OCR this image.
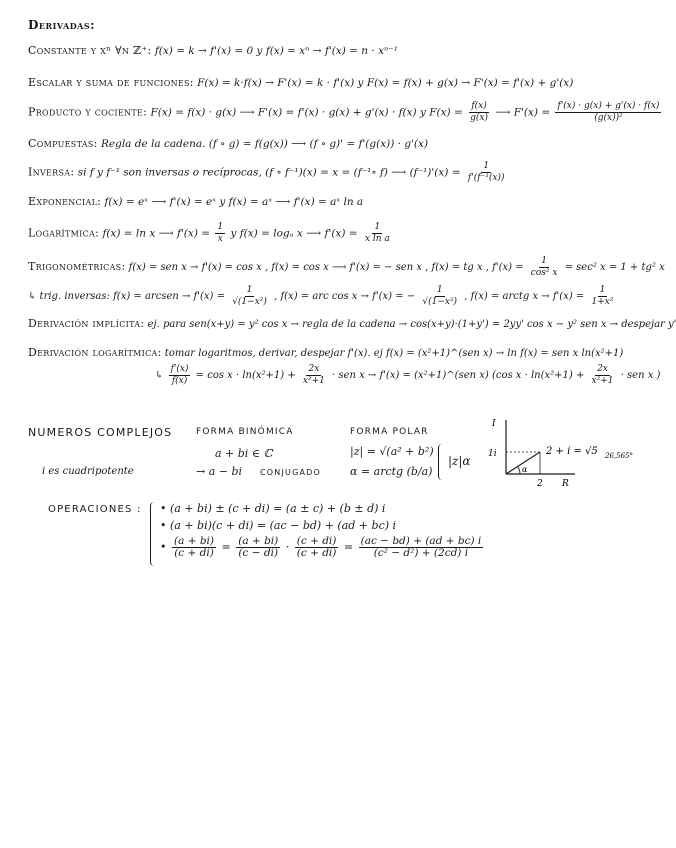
Derivadas:
Constante y xⁿ ∀n ℤ⁺: f(x) = k → f'(x) = 0 y f(x) = xⁿ → f'(x) = n · xⁿ⁻¹
Escalar y suma de funciones: F(x) = k·f(x) → F'(x) = k · f'(x) y F(x) = f(x) + g(x) → F'(x) = f'(x) + g'(x)
Producto y cociente: F(x) = f(x) · g(x) ⟶ F'(x) = f'(x) · g(x) + g'(x) · f(x) y $F(x) = \frac{f(x)}{g(x)}$ ⟶ $F'(x) = \frac{f'(x) \cdot g(x) + g'(x) \cdot f(x)}{\text{(g(x))²}}$
Compuestas: Regla de la cadena. (f ∘ g) = f(g(x)) ⟶ (f ∘ g)' = f'(g(x)) · g'(x)
Inversa: si f y f⁻¹ son inversas o recíprocas, (f ∘ f⁻¹)(x) = x = (f⁻¹∘ f) ⟶ $(f^{-1})'(x) = \frac{1}{\text{f'(f⁻¹(x))}}$
Exponencial: f(x) = eˣ ⟶ f'(x) = eˣ y f(x) = aˣ ⟶ f'(x) = aˣ ln a
Logarítmica: f(x) = ln x ⟶ $f'(x) = \frac{1}{x}$ y f(x) = logₐ x ⟶ $f'(x) = \frac{1}{\text{x ln a}}$
Trigonométricas: f(x) = sen x → f'(x) = cos x , f(x) = cos x ⟶ f'(x) = − sen x , f(x) = tg x , $f'(x) = \frac{1}{\text{cos² x}} = \sec^2$ x = 1 + tg² x
↳ trig. inversas: f(x) = arcsen → $f'(x) = \frac{1}{\text{√(1−x²)}}$ , f(x) = arc cos x → f'(x) = − $\frac{1}{\text{√(1−x²)}}$ , f(x) = arctg $x \to f'(x) = \frac{1}{\text{1+x²}}$
Derivación implícita: ej. para sen(x+y) = y² cos x → regla de la cadena → cos(x+y)·(1+y') = 2yy' cos x − y² sen x → despejar y'
Derivación logarítmica: tomar logaritmos, derivar, despejar f'(x). ej f(x) = (x²+1)^(sen x) → ln f(x) = sen x ln(x²+1)
↳ $\frac{f'(x)}{f(x)} = \cos x \cdot \ln(x^2+1) + \frac{2x}{\text{x²+1}}$ · sen x → f'(x) = (x²+1)^(sen x) (cos $x \cdot \ln(x^2+1) + \frac{2x}{\text{x²+1}}$ · sen x )
NUMEROS COMPLEJOS	FORMA BINÓMICA
a + bi ∈ ℂ
i es cuadripotente	→ a − bi CONJUGADO
FORMA POLAR
|z| = √(a² + b²)
α = arctg (b/a)
|z|α
I
1i
α
2 R
2 + i = √5 26,565°
OPERACIONES : • (a + bi) ± (c + di) = (a ± c) + (b ± d) i
• (a + bi)(c + di) = (ac − bd) + (ad + bc) i
• $\frac{(a + bi)}{(c + di)} = \frac{(a + bi)}{(c - di)} \cdot \frac{(c + di)}{(c + di)} = \frac{(ac - bd) + (ad + bc) i}{\text{(c² − d²) + (2cd) i}}$
